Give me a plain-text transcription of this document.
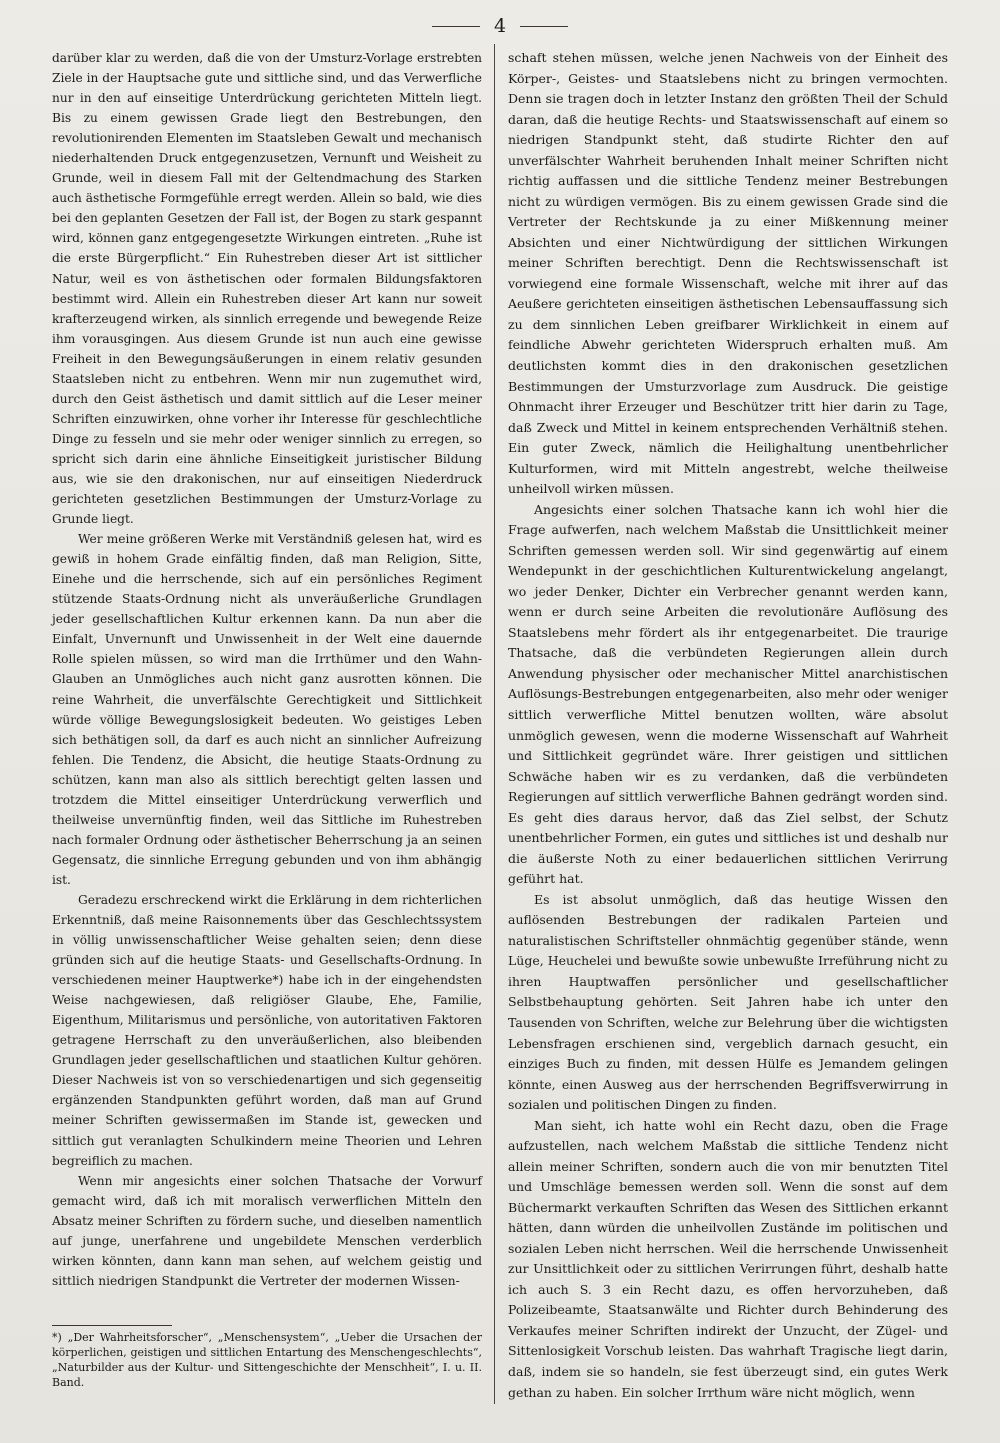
4

darüber klar zu werden, daß die von der Umsturz-Vorlage erstrebten Ziele in der Hauptsache gute und sittliche sind, und das Verwerfliche nur in den auf einseitige Unterdrückung gerichteten Mitteln liegt. Bis zu einem gewissen Grade liegt den Bestrebungen, den revolutionirenden Elementen im Staatsleben Gewalt und mechanisch niederhaltenden Druck entgegenzusetzen, Vernunft und Weisheit zu Grunde, weil in diesem Fall mit der Geltendmachung des Starken auch ästhetische Formgefühle erregt werden. Allein so bald, wie dies bei den geplanten Gesetzen der Fall ist, der Bogen zu stark gespannt wird, können ganz entgegengesetzte Wirkungen eintreten. „Ruhe ist die erste Bürgerpflicht.“ Ein Ruhestreben dieser Art ist sittlicher Natur, weil es von ästhetischen oder formalen Bildungsfaktoren bestimmt wird. Allein ein Ruhestreben dieser Art kann nur soweit krafterzeugend wirken, als sinnlich erregende und bewegende Reize ihm vorausgingen. Aus diesem Grunde ist nun auch eine gewisse Freiheit in den Bewegungsäußerungen in einem relativ gesunden Staatsleben nicht zu entbehren. Wenn mir nun zugemuthet wird, durch den Geist ästhetisch und damit sittlich auf die Leser meiner Schriften einzuwirken, ohne vorher ihr Interesse für geschlechtliche Dinge zu fesseln und sie mehr oder weniger sinnlich zu erregen, so spricht sich darin eine ähnliche Einseitigkeit juristischer Bildung aus, wie sie den drakonischen, nur auf einseitigen Niederdruck gerichteten gesetzlichen Bestimmungen der Umsturz-Vorlage zu Grunde liegt.

Wer meine größeren Werke mit Verständniß gelesen hat, wird es gewiß in hohem Grade einfältig finden, daß man Religion, Sitte, Einehe und die herrschende, sich auf ein persönliches Regiment stützende Staats-Ordnung nicht als unveräußerliche Grundlagen jeder gesellschaftlichen Kultur erkennen kann. Da nun aber die Einfalt, Unvernunft und Unwissenheit in der Welt eine dauernde Rolle spielen müssen, so wird man die Irrthümer und den Wahn-Glauben an Unmögliches auch nicht ganz ausrotten können. Die reine Wahrheit, die unverfälschte Gerechtigkeit und Sittlichkeit würde völlige Bewegungslosigkeit bedeuten. Wo geistiges Leben sich bethätigen soll, da darf es auch nicht an sinnlicher Aufreizung fehlen. Die Tendenz, die Absicht, die heutige Staats-Ordnung zu schützen, kann man also als sittlich berechtigt gelten lassen und trotzdem die Mittel einseitiger Unterdrückung verwerflich und theilweise unvernünftig finden, weil das Sittliche im Ruhestreben nach formaler Ordnung oder ästhetischer Beherrschung ja an seinen Gegensatz, die sinnliche Erregung gebunden und von ihm abhängig ist.

Geradezu erschreckend wirkt die Erklärung in dem richterlichen Erkenntniß, daß meine Raisonnements über das Geschlechtssystem in völlig unwissenschaftlicher Weise gehalten seien; denn diese gründen sich auf die heutige Staats- und Gesellschafts-Ordnung. In verschiedenen meiner Hauptwerke*) habe ich in der eingehendsten Weise nachgewiesen, daß religiöser Glaube, Ehe, Familie, Eigenthum, Militarismus und persönliche, von autoritativen Faktoren getragene Herrschaft zu den unveräußerlichen, also bleibenden Grundlagen jeder gesellschaftlichen und staatlichen Kultur gehören. Dieser Nachweis ist von so verschiedenartigen und sich gegenseitig ergänzenden Standpunkten geführt worden, daß man auf Grund meiner Schriften gewissermaßen im Stande ist, gewecken und sittlich gut veranlagten Schulkindern meine Theorien und Lehren begreiflich zu machen.

Wenn mir angesichts einer solchen Thatsache der Vorwurf gemacht wird, daß ich mit moralisch verwerflichen Mitteln den Absatz meiner Schriften zu fördern suche, und dieselben namentlich auf junge, unerfahrene und ungebildete Menschen verderblich wirken könnten, dann kann man sehen, auf welchem geistig und sittlich niedrigen Standpunkt die Vertreter der modernen Wissen-

*) „Der Wahrheitsforscher“, „Menschensystem“, „Ueber die Ursachen der körperlichen, geistigen und sittlichen Entartung des Menschengeschlechts“, „Naturbilder aus der Kultur- und Sittengeschichte der Menschheit“, I. u. II. Band.

schaft stehen müssen, welche jenen Nachweis von der Einheit des Körper-, Geistes- und Staatslebens nicht zu bringen vermochten. Denn sie tragen doch in letzter Instanz den größten Theil der Schuld daran, daß die heutige Rechts- und Staatswissenschaft auf einem so niedrigen Standpunkt steht, daß studirte Richter den auf unverfälschter Wahrheit beruhenden Inhalt meiner Schriften nicht richtig auffassen und die sittliche Tendenz meiner Bestrebungen nicht zu würdigen vermögen. Bis zu einem gewissen Grade sind die Vertreter der Rechtskunde ja zu einer Mißkennung meiner Absichten und einer Nichtwürdigung der sittlichen Wirkungen meiner Schriften berechtigt. Denn die Rechtswissenschaft ist vorwiegend eine formale Wissenschaft, welche mit ihrer auf das Aeußere gerichteten einseitigen ästhetischen Lebensauffassung sich zu dem sinnlichen Leben greifbarer Wirklichkeit in einem auf feindliche Abwehr gerichteten Widerspruch erhalten muß. Am deutlichsten kommt dies in den drakonischen gesetzlichen Bestimmungen der Umsturzvorlage zum Ausdruck. Die geistige Ohnmacht ihrer Erzeuger und Beschützer tritt hier darin zu Tage, daß Zweck und Mittel in keinem entsprechenden Verhältniß stehen. Ein guter Zweck, nämlich die Heilighaltung unentbehrlicher Kulturformen, wird mit Mitteln angestrebt, welche theilweise unheilvoll wirken müssen.

Angesichts einer solchen Thatsache kann ich wohl hier die Frage aufwerfen, nach welchem Maßstab die Unsittlichkeit meiner Schriften gemessen werden soll. Wir sind gegenwärtig auf einem Wendepunkt in der geschichtlichen Kulturentwickelung angelangt, wo jeder Denker, Dichter ein Verbrecher genannt werden kann, wenn er durch seine Arbeiten die revolutionäre Auflösung des Staatslebens mehr fördert als ihr entgegenarbeitet. Die traurige Thatsache, daß die verbündeten Regierungen allein durch Anwendung physischer oder mechanischer Mittel anarchistischen Auflösungs-Bestrebungen entgegenarbeiten, also mehr oder weniger sittlich verwerfliche Mittel benutzen wollten, wäre absolut unmöglich gewesen, wenn die moderne Wissenschaft auf Wahrheit und Sittlichkeit gegründet wäre. Ihrer geistigen und sittlichen Schwäche haben wir es zu verdanken, daß die verbündeten Regierungen auf sittlich verwerfliche Bahnen gedrängt worden sind. Es geht dies daraus hervor, daß das Ziel selbst, der Schutz unentbehrlicher Formen, ein gutes und sittliches ist und deshalb nur die äußerste Noth zu einer bedauerlichen sittlichen Verirrung geführt hat.

Es ist absolut unmöglich, daß das heutige Wissen den auflösenden Bestrebungen der radikalen Parteien und naturalistischen Schriftsteller ohnmächtig gegenüber stände, wenn Lüge, Heuchelei und bewußte sowie unbewußte Irreführung nicht zu ihren Hauptwaffen persönlicher und gesellschaftlicher Selbstbehauptung gehörten. Seit Jahren habe ich unter den Tausenden von Schriften, welche zur Belehrung über die wichtigsten Lebensfragen erschienen sind, vergeblich darnach gesucht, ein einziges Buch zu finden, mit dessen Hülfe es Jemandem gelingen könnte, einen Ausweg aus der herrschenden Begriffsverwirrung in sozialen und politischen Dingen zu finden.

Man sieht, ich hatte wohl ein Recht dazu, oben die Frage aufzustellen, nach welchem Maßstab die sittliche Tendenz nicht allein meiner Schriften, sondern auch die von mir benutzten Titel und Umschläge bemessen werden soll. Wenn die sonst auf dem Büchermarkt verkauften Schriften das Wesen des Sittlichen erkannt hätten, dann würden die unheilvollen Zustände im politischen und sozialen Leben nicht herrschen. Weil die herrschende Unwissenheit zur Unsittlichkeit oder zu sittlichen Verirrungen führt, deshalb hatte ich auch S. 3 ein Recht dazu, es offen hervorzuheben, daß Polizeibeamte, Staatsanwälte und Richter durch Behinderung des Verkaufes meiner Schriften indirekt der Unzucht, der Zügel- und Sittenlosigkeit Vorschub leisten. Das wahrhaft Tragische liegt darin, daß, indem sie so handeln, sie fest überzeugt sind, ein gutes Werk gethan zu haben. Ein solcher Irrthum wäre nicht möglich, wenn
